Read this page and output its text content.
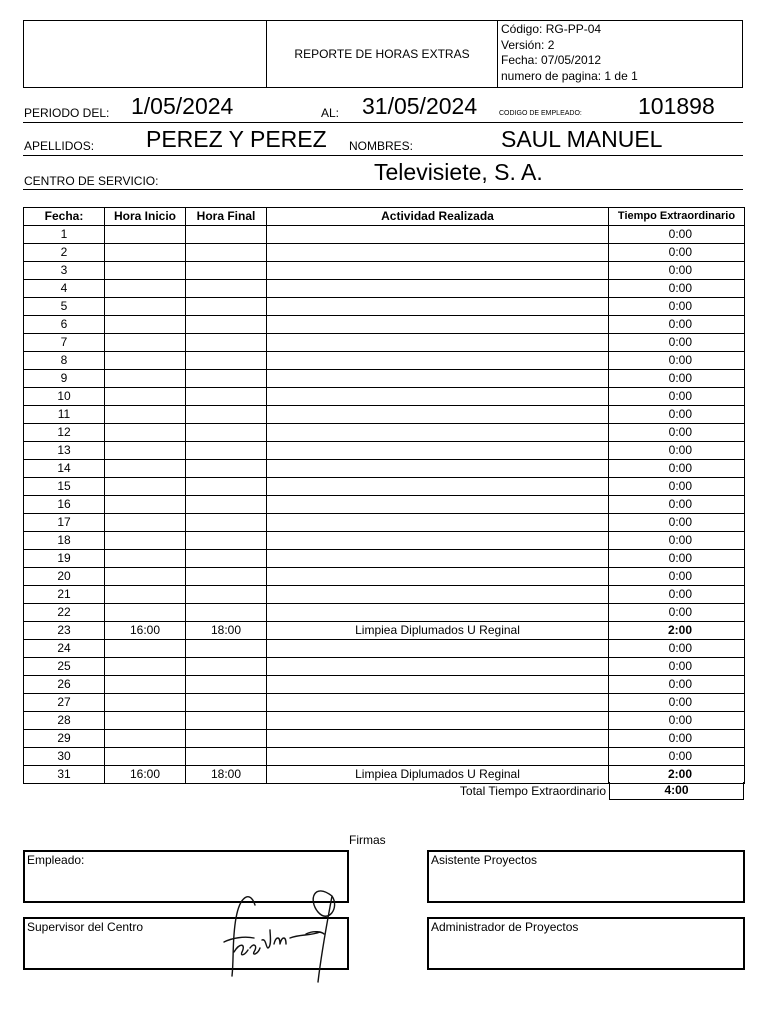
REPORTE DE HORAS EXTRAS
Código: RG-PP-04
Versión: 2
Fecha: 07/05/2012
numero de pagina: 1 de 1
PERIODO DEL: 1/05/2024	AL: 31/05/2024	CODIGO DE EMPLEADO: 101898
APELLIDOS: PEREZ Y PEREZ NOMBRES:	SAUL MANUEL
CENTRO DE SERVICIO:	Televisiete, S. A.
Fecha:	Hora Inicio	Hora Final	Actividad Realizada	Tiempo Extraordinario
1				0:00
2				0:00
3				0:00
4				0:00
5				0:00
6				0:00
7				0:00
8				0:00
9				0:00
10				0:00
11				0:00
12				0:00
13				0:00
14				0:00
15				0:00
16				0:00
17				0:00
18				0:00
19				0:00
20				0:00
21				0:00
22				0:00
23	16:00	18:00	Limpiea Diplumados U Reginal	2:00
24				0:00
25				0:00
26				0:00
27				0:00
28				0:00
29				0:00
30				0:00
31	16:00	18:00	Limpiea Diplumados U Reginal	2:00
Total Tiempo Extraordinario	4:00
Firmas
Empleado:	Asistente Proyectos
Supervisor del Centro	Administrador de Proyectos
